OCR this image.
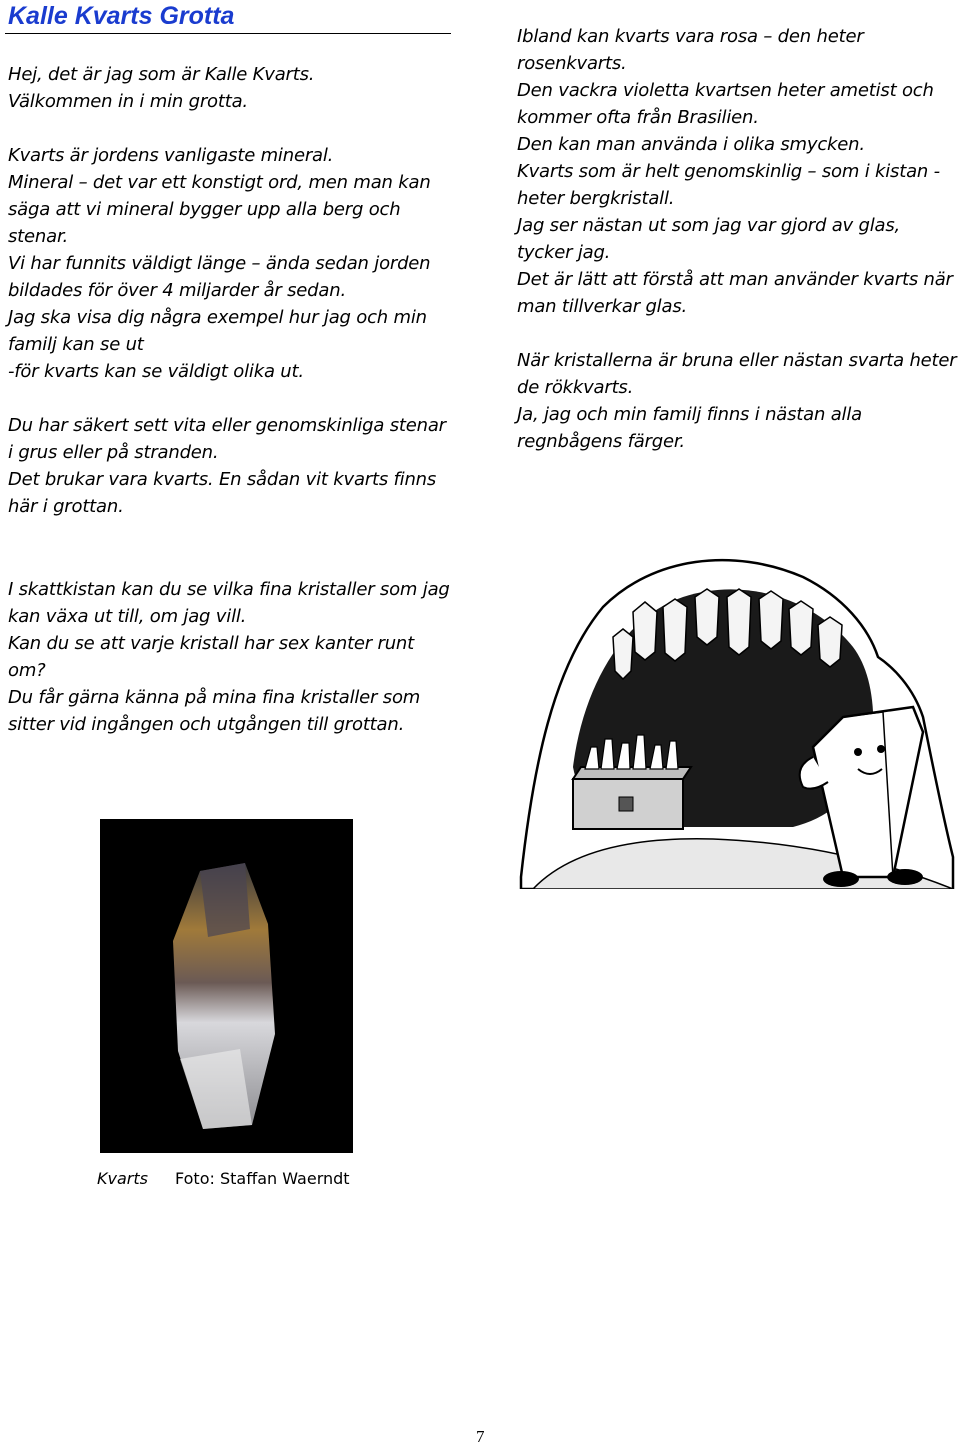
Kalle Kvarts Grotta

Hej, det är jag som är Kalle Kvarts.

Välkommen in i min grotta.

Kvarts är jordens vanligaste mineral.

Mineral – det var ett konstigt ord, men man kan säga att vi mineral bygger upp alla berg och stenar.

Vi har funnits väldigt länge – ända sedan jorden bildades för över 4 miljarder år sedan.

Jag ska visa dig några exempel hur jag och min familj kan se ut

-för kvarts kan se väldigt olika ut.

Du har säkert sett vita eller genomskinliga stenar i grus eller på stranden.

Det brukar vara kvarts. En sådan vit kvarts finns här i grottan.

I skattkistan kan du se vilka fina kristaller som jag kan växa ut till, om jag vill.

Kan du se att varje kristall har sex kanter runt om?

Du får gärna känna på mina fina kristaller som sitter vid ingången och utgången till grottan.

Ibland kan kvarts vara rosa – den heter rosenkvarts.

Den vackra violetta kvartsen heter ametist och kommer ofta från Brasilien.

Den kan man använda i olika smycken.

Kvarts som är helt genomskinlig – som i kistan - heter bergkristall.

Jag ser nästan ut som jag var gjord av glas, tycker jag.

Det är lätt att förstå att man använder kvarts när man tillverkar glas.

När kristallerna är bruna eller nästan svarta heter de rökkvarts.

Ja, jag och min familj finns i nästan alla regnbågens färger.

Kvarts Foto: Staffan Waerndt
7
